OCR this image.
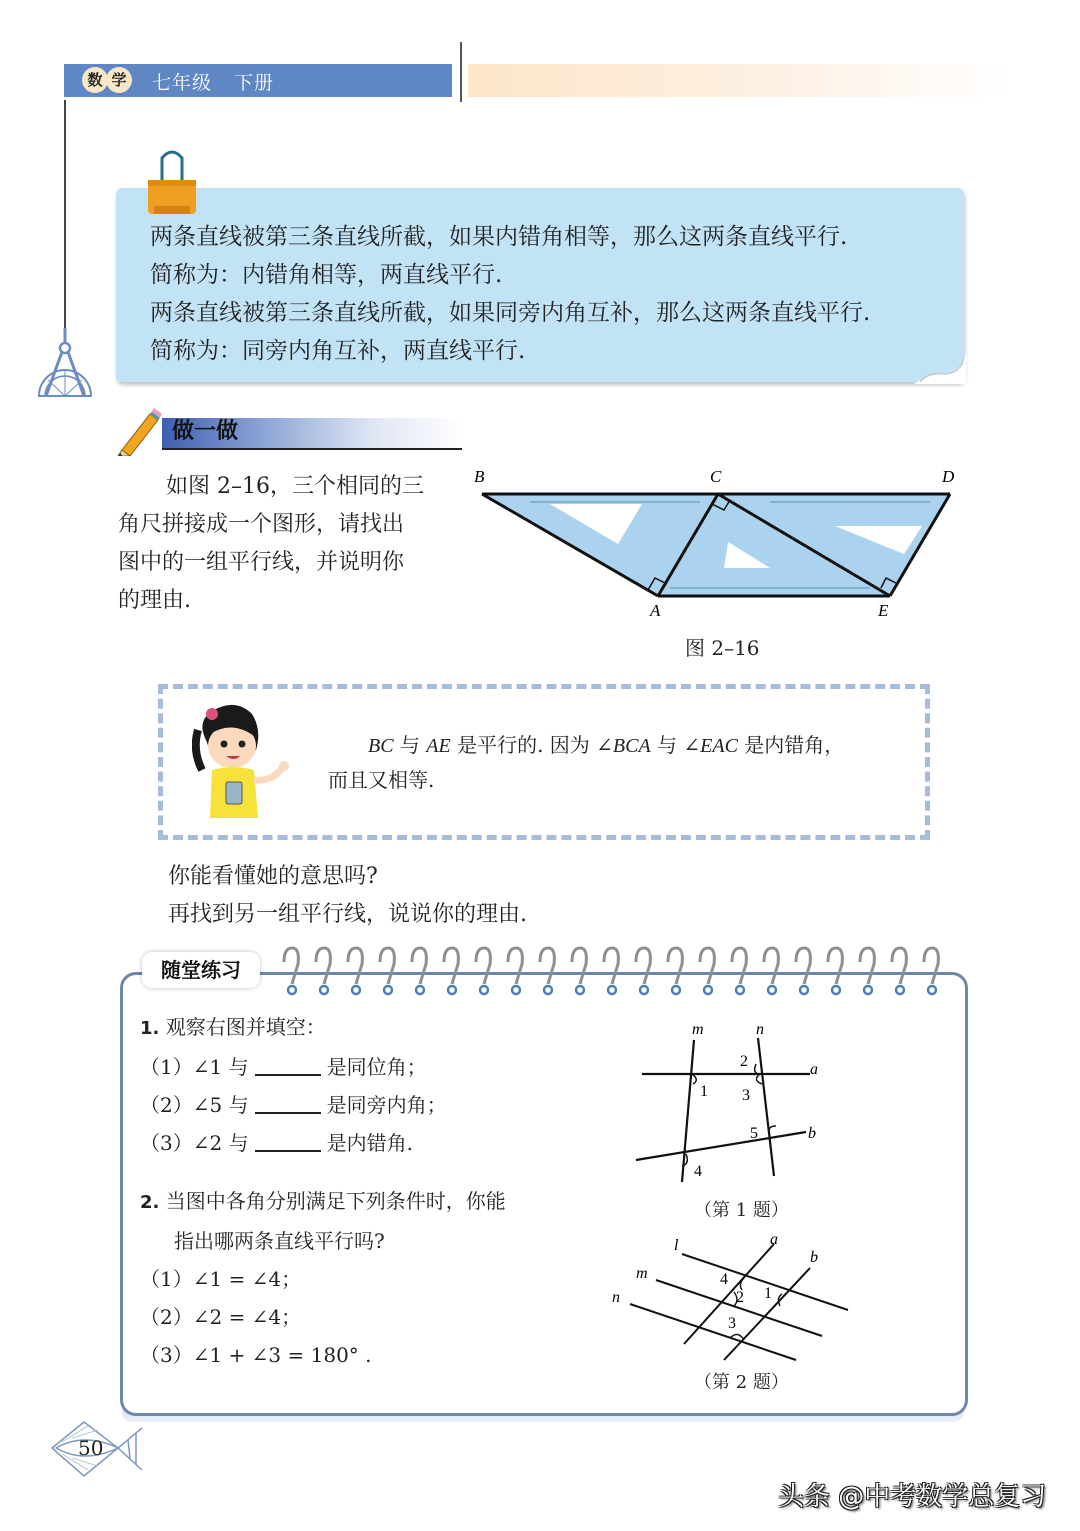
数 学 七年级 下册
两条直线被第三条直线所截，如果内错角相等，那么这两条直线平行.
简称为：内错角相等，两直线平行.
两条直线被第三条直线所截，如果同旁内角互补，那么这两条直线平行.
简称为：同旁内角互补，两直线平行.
做一做
如图 2–16，三个相同的三
角尺拼接成一个图形，请找出
图中的一组平行线，并说明你
的理由.
B	C	D
A	E
图 2–16
BC 与 AE 是平行的. 因为 ∠BCA 与 ∠EAC 是内错角，
而且又相等.
你能看懂她的意思吗?
再找到另一组平行线，说说你的理由.
随堂练习
1. 观察右图并填空：
（1）∠1 与	是同位角；
（2）∠5 与	是同旁内角；
（3）∠2 与	是内错角.
2. 当图中各角分别满足下列条件时，你能
指出哪两条直线平行吗?
（1）∠1 = ∠4；
（2）∠2 = ∠4；
（3）∠1 + ∠3 = 180° .
m	n
a
b
1
2
3
4
5
（第 1 题）
l
m
n
a
b
1
2
3
4
（第 2 题）
50
头条 @中考数学总复习
